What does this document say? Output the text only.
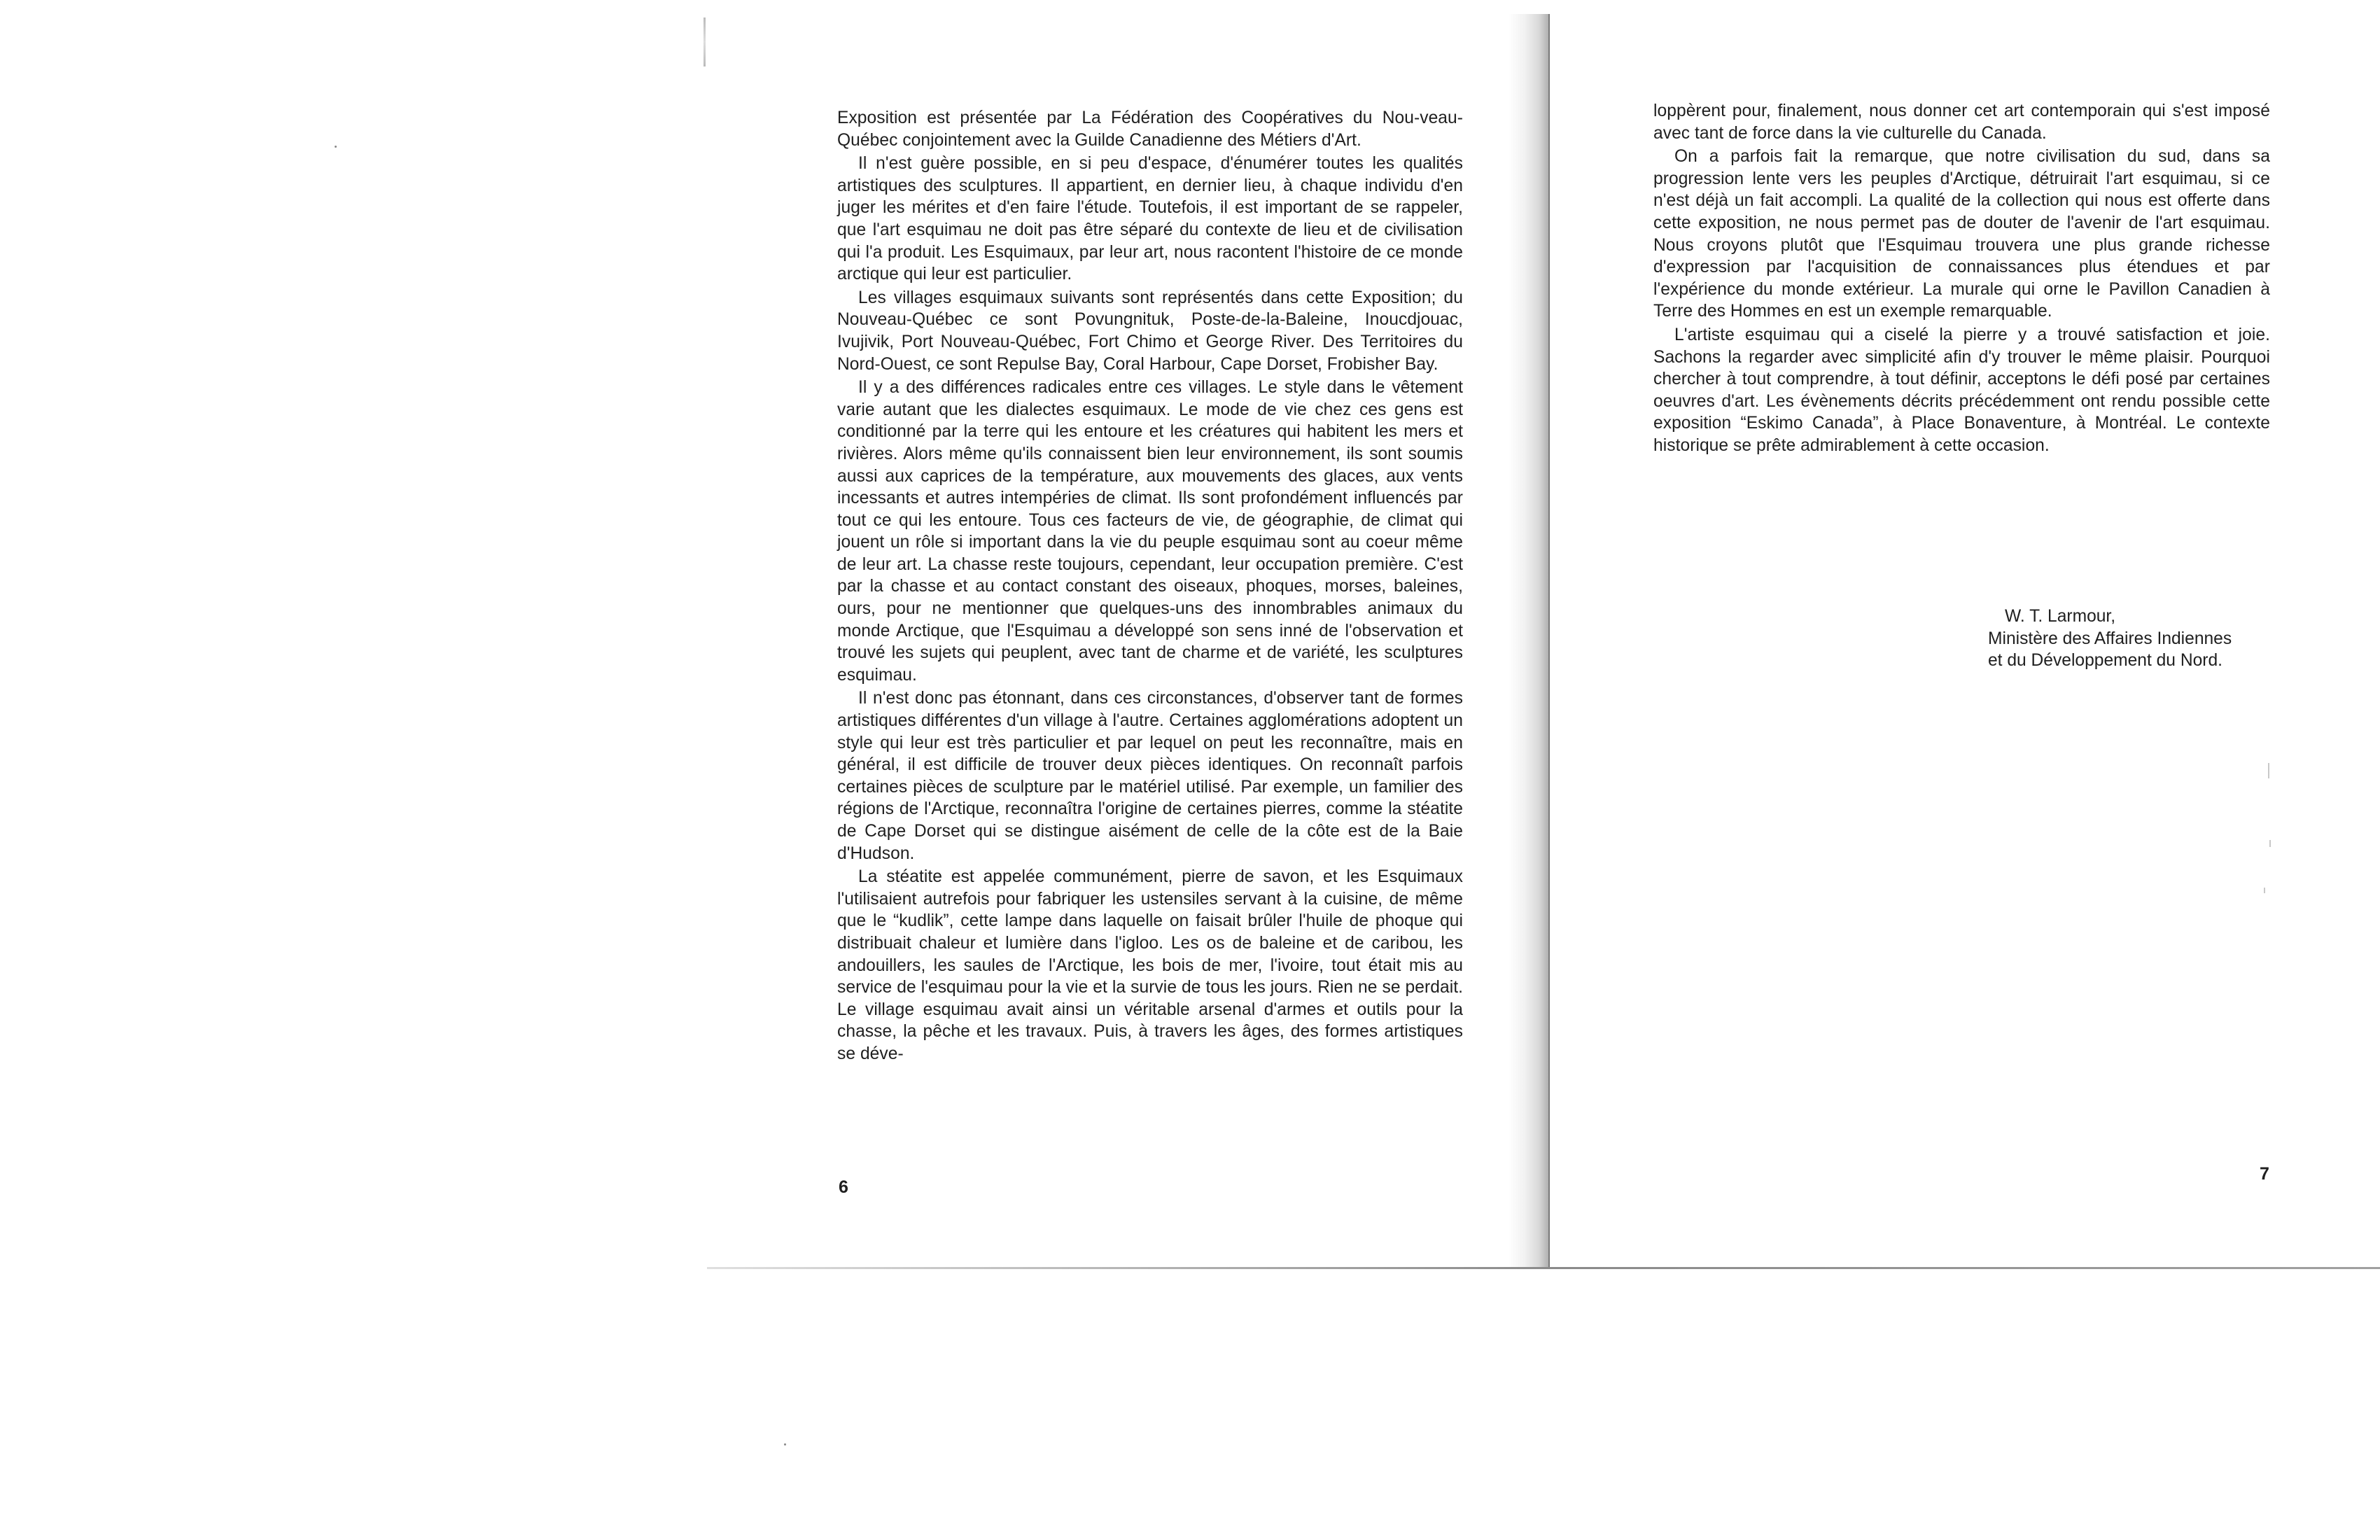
Exposition est présentée par La Fédération des Coopératives du Nou-veau-Québec conjointement avec la Guilde Canadienne des Métiers d'Art.

Il n'est guère possible, en si peu d'espace, d'énumérer toutes les qualités artistiques des sculptures. Il appartient, en dernier lieu, à chaque individu d'en juger les mérites et d'en faire l'étude. Toutefois, il est important de se rappeler, que l'art esquimau ne doit pas être séparé du contexte de lieu et de civilisation qui l'a produit. Les Esquimaux, par leur art, nous racontent l'histoire de ce monde arctique qui leur est particulier.

Les villages esquimaux suivants sont représentés dans cette Exposition; du Nouveau-Québec ce sont Povungnituk, Poste-de-la-Baleine, Inoucdjouac, Ivujivik, Port Nouveau-Québec, Fort Chimo et George River. Des Territoires du Nord-Ouest, ce sont Repulse Bay, Coral Harbour, Cape Dorset, Frobisher Bay.

Il y a des différences radicales entre ces villages. Le style dans le vêtement varie autant que les dialectes esquimaux. Le mode de vie chez ces gens est conditionné par la terre qui les entoure et les créatures qui habitent les mers et rivières. Alors même qu'ils connaissent bien leur environnement, ils sont soumis aussi aux caprices de la température, aux mouvements des glaces, aux vents incessants et autres intempéries de climat. Ils sont profondément influencés par tout ce qui les entoure. Tous ces facteurs de vie, de géographie, de climat qui jouent un rôle si important dans la vie du peuple esquimau sont au coeur même de leur art. La chasse reste toujours, cependant, leur occupation première. C'est par la chasse et au contact constant des oiseaux, phoques, morses, baleines, ours, pour ne mentionner que quelques-uns des innombrables animaux du monde Arctique, que l'Esquimau a développé son sens inné de l'observation et trouvé les sujets qui peuplent, avec tant de charme et de variété, les sculptures esquimau.

Il n'est donc pas étonnant, dans ces circonstances, d'observer tant de formes artistiques différentes d'un village à l'autre. Certaines agglomérations adoptent un style qui leur est très particulier et par lequel on peut les reconnaître, mais en général, il est difficile de trouver deux pièces identiques. On reconnaît parfois certaines pièces de sculpture par le matériel utilisé. Par exemple, un familier des régions de l'Arctique, reconnaîtra l'origine de certaines pierres, comme la stéatite de Cape Dorset qui se distingue aisément de celle de la côte est de la Baie d'Hudson.

La stéatite est appelée communément, pierre de savon, et les Esquimaux l'utilisaient autrefois pour fabriquer les ustensiles servant à la cuisine, de même que le “kudlik”, cette lampe dans laquelle on faisait brûler l'huile de phoque qui distribuait chaleur et lumière dans l'igloo. Les os de baleine et de caribou, les andouillers, les saules de l'Arctique, les bois de mer, l'ivoire, tout était mis au service de l'esquimau pour la vie et la survie de tous les jours. Rien ne se perdait. Le village esquimau avait ainsi un véritable arsenal d'armes et outils pour la chasse, la pêche et les travaux. Puis, à travers les âges, des formes artistiques se déve-

6

loppèrent pour, finalement, nous donner cet art contemporain qui s'est imposé avec tant de force dans la vie culturelle du Canada.

On a parfois fait la remarque, que notre civilisation du sud, dans sa progression lente vers les peuples d'Arctique, détruirait l'art esquimau, si ce n'est déjà un fait accompli. La qualité de la collection qui nous est offerte dans cette exposition, ne nous permet pas de douter de l'avenir de l'art esquimau. Nous croyons plutôt que l'Esquimau trouvera une plus grande richesse d'expression par l'acquisition de connaissances plus étendues et par l'expérience du monde extérieur. La murale qui orne le Pavillon Canadien à Terre des Hommes en est un exemple remarquable.

L'artiste esquimau qui a ciselé la pierre y a trouvé satisfaction et joie. Sachons la regarder avec simplicité afin d'y trouver le même plaisir. Pourquoi chercher à tout comprendre, à tout définir, acceptons le défi posé par certaines oeuvres d'art. Les évènements décrits précédemment ont rendu possible cette exposition “Eskimo Canada”, à Place Bonaventure, à Montréal. Le contexte historique se prête admirablement à cette occasion.

W. T. Larmour,
Ministère des Affaires Indiennes
et du Développement du Nord.
7
